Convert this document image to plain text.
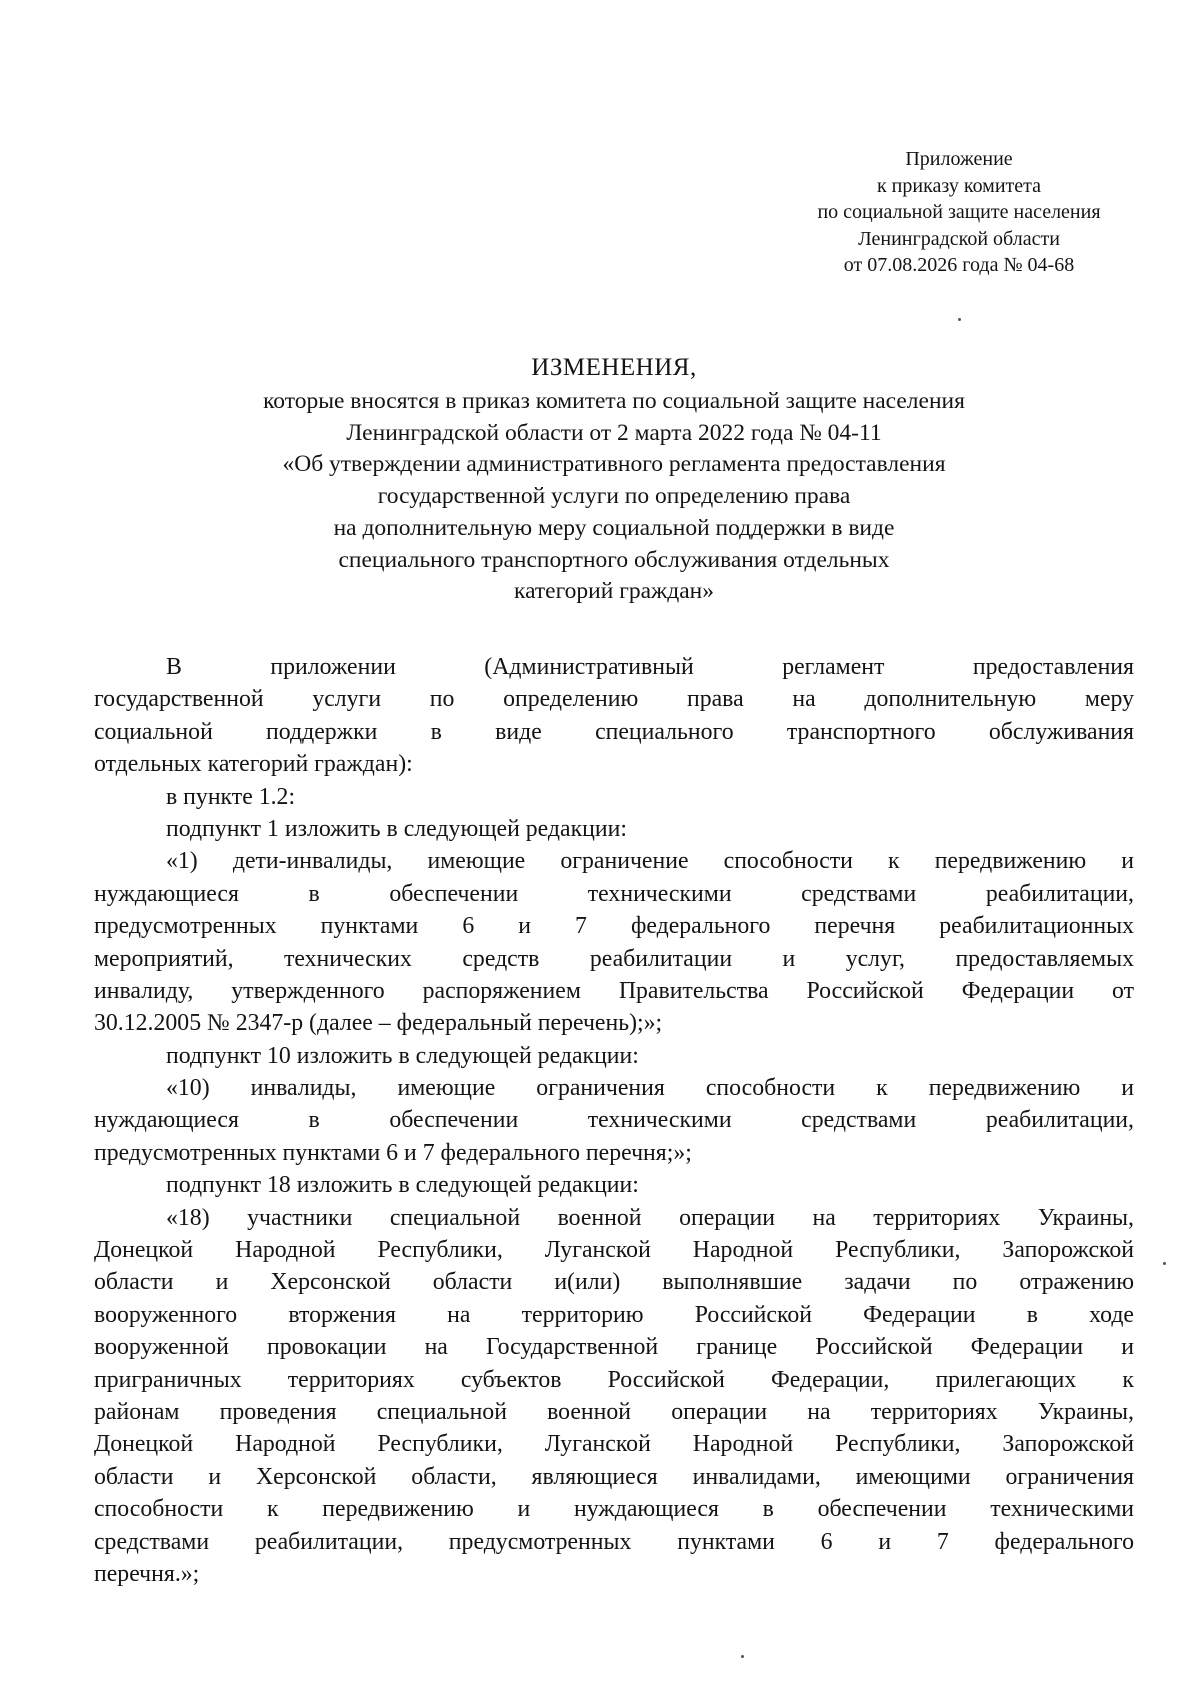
Приложение
к приказу комитета
по социальной защите населения
Ленинградской области
от 07.08.2026 года № 04-68
ИЗМЕНЕНИЯ,
которые вносятся в приказ комитета по социальной защите населения
Ленинградской области от 2 марта 2022 года № 04-11
«Об утверждении административного регламента предоставления
государственной услуги по определению права
на дополнительную меру социальной поддержки в виде
специального транспортного обслуживания отдельных
категорий граждан»
В приложении (Административный регламент предоставления
государственной услуги по определению права на дополнительную меру
социальной поддержки в виде специального транспортного обслуживания
отдельных категорий граждан):
в пункте 1.2:
подпункт 1 изложить в следующей редакции:
«1) дети-инвалиды, имеющие ограничение способности к передвижению и
нуждающиеся в обеспечении техническими средствами реабилитации,
предусмотренных пунктами 6 и 7 федерального перечня реабилитационных
мероприятий, технических средств реабилитации и услуг, предоставляемых
инвалиду, утвержденного распоряжением Правительства Российской Федерации от
30.12.2005 № 2347-р (далее – федеральный перечень);»;
подпункт 10 изложить в следующей редакции:
«10) инвалиды, имеющие ограничения способности к передвижению и
нуждающиеся в обеспечении техническими средствами реабилитации,
предусмотренных пунктами 6 и 7 федерального перечня;»;
подпункт 18 изложить в следующей редакции:
«18) участники специальной военной операции на территориях Украины,
Донецкой Народной Республики, Луганской Народной Республики, Запорожской
области и Херсонской области и(или) выполнявшие задачи по отражению
вооруженного вторжения на территорию Российской Федерации в ходе
вооруженной провокации на Государственной границе Российской Федерации и
приграничных территориях субъектов Российской Федерации, прилегающих к
районам проведения специальной военной операции на территориях Украины,
Донецкой Народной Республики, Луганской Народной Республики, Запорожской
области и Херсонской области, являющиеся инвалидами, имеющими ограничения
способности к передвижению и нуждающиеся в обеспечении техническими
средствами реабилитации, предусмотренных пунктами 6 и 7 федерального
перечня.»;
